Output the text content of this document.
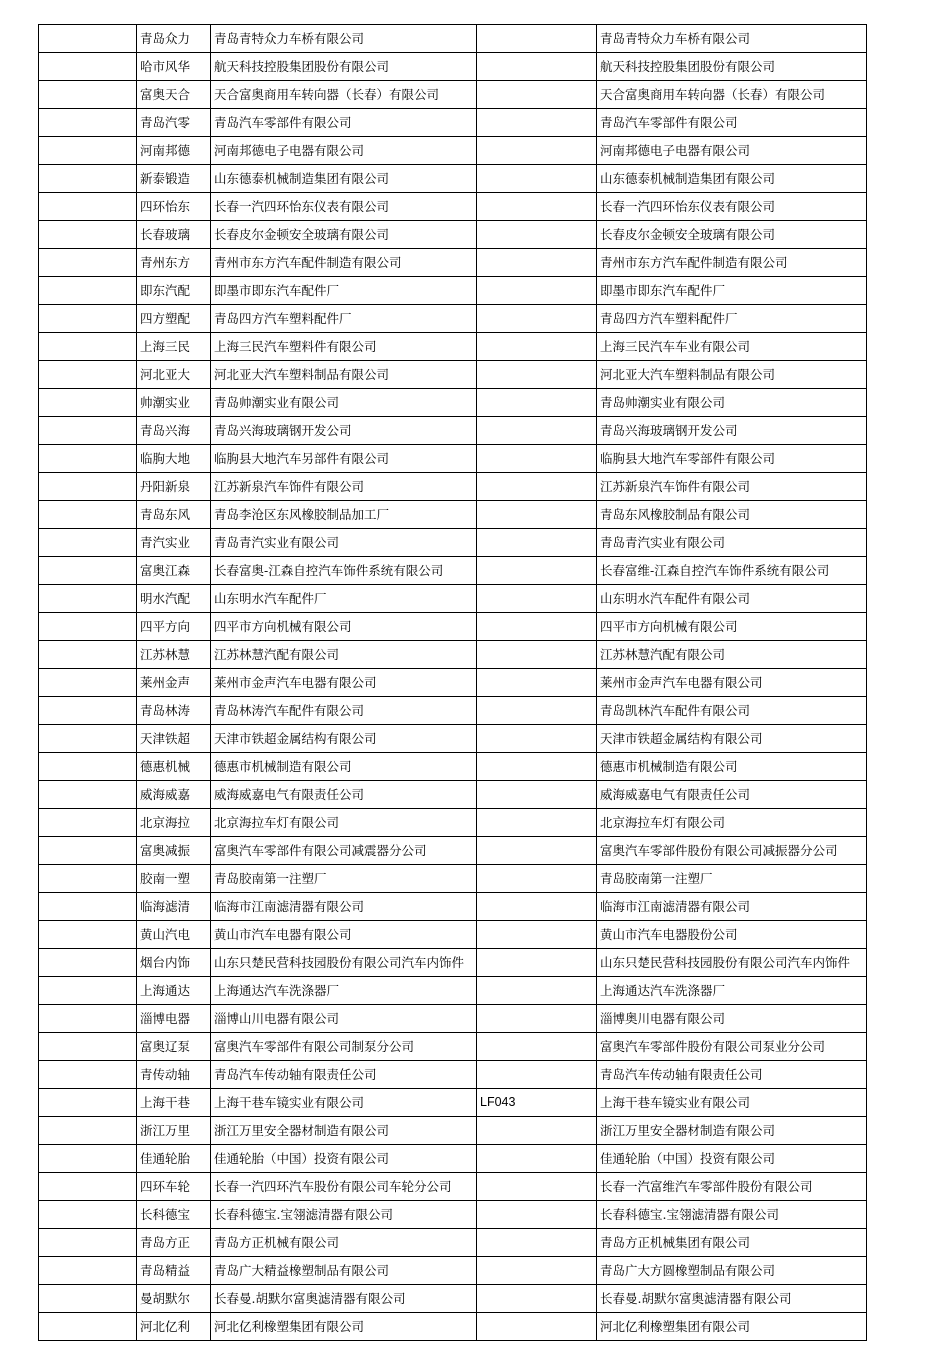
	青岛众力	青岛青特众力车桥有限公司		青岛青特众力车桥有限公司
	哈市风华	航天科技控股集团股份有限公司		航天科技控股集团股份有限公司
	富奥天合	天合富奥商用车转向器（长春）有限公司		天合富奥商用车转向器（长春）有限公司
	青岛汽零	青岛汽车零部件有限公司		青岛汽车零部件有限公司
	河南邦德	河南邦德电子电器有限公司		河南邦德电子电器有限公司
	新泰锻造	山东德泰机械制造集团有限公司		山东德泰机械制造集团有限公司
	四环怡东	长春一汽四环怡东仪表有限公司		长春一汽四环怡东仪表有限公司
	长春玻璃	长春皮尔金顿安全玻璃有限公司		长春皮尔金顿安全玻璃有限公司
	青州东方	青州市东方汽车配件制造有限公司		青州市东方汽车配件制造有限公司
	即东汽配	即墨市即东汽车配件厂		即墨市即东汽车配件厂
	四方塑配	青岛四方汽车塑料配件厂		青岛四方汽车塑料配件厂
	上海三民	上海三民汽车塑料件有限公司		上海三民汽车车业有限公司
	河北亚大	河北亚大汽车塑料制品有限公司		河北亚大汽车塑料制品有限公司
	帅潮实业	青岛帅潮实业有限公司		青岛帅潮实业有限公司
	青岛兴海	青岛兴海玻璃钢开发公司		青岛兴海玻璃钢开发公司
	临朐大地	临朐县大地汽车另部件有限公司		临朐县大地汽车零部件有限公司
	丹阳新泉	江苏新泉汽车饰件有限公司		江苏新泉汽车饰件有限公司
	青岛东风	青岛李沧区东风橡胶制品加工厂		青岛东风橡胶制品有限公司
	青汽实业	青岛青汽实业有限公司		青岛青汽实业有限公司
	富奥江森	长春富奥-江森自控汽车饰件系统有限公司		长春富维-江森自控汽车饰件系统有限公司
	明水汽配	山东明水汽车配件厂		山东明水汽车配件有限公司
	四平方向	四平市方向机械有限公司		四平市方向机械有限公司
	江苏林慧	江苏林慧汽配有限公司		江苏林慧汽配有限公司
	莱州金声	莱州市金声汽车电器有限公司		莱州市金声汽车电器有限公司
	青岛林涛	青岛林涛汽车配件有限公司		青岛凯林汽车配件有限公司
	天津铁超	天津市铁超金属结构有限公司		天津市铁超金属结构有限公司
	德惠机械	德惠市机械制造有限公司		德惠市机械制造有限公司
	威海威嘉	威海威嘉电气有限责任公司		威海威嘉电气有限责任公司
	北京海拉	北京海拉车灯有限公司		北京海拉车灯有限公司
	富奥减振	富奥汽车零部件有限公司减震器分公司		富奥汽车零部件股份有限公司减振器分公司
	胶南一塑	青岛胶南第一注塑厂		青岛胶南第一注塑厂
	临海滤清	临海市江南滤清器有限公司		临海市江南滤清器有限公司
	黄山汽电	黄山市汽车电器有限公司		黄山市汽车电器股份公司
	烟台内饰	山东只楚民营科技园股份有限公司汽车内饰件		山东只楚民营科技园股份有限公司汽车内饰件
	上海通达	上海通达汽车洗涤器厂		上海通达汽车洗涤器厂
	淄博电器	淄博山川电器有限公司		淄博奥川电器有限公司
	富奥辽泵	富奥汽车零部件有限公司制泵分公司		富奥汽车零部件股份有限公司泵业分公司
	青传动轴	青岛汽车传动轴有限责任公司		青岛汽车传动轴有限责任公司
	上海干巷	上海干巷车镜实业有限公司	LF043	上海干巷车镜实业有限公司
	浙江万里	浙江万里安全器材制造有限公司		浙江万里安全器材制造有限公司
	佳通轮胎	佳通轮胎（中国）投资有限公司		佳通轮胎（中国）投资有限公司
	四环车轮	长春一汽四环汽车股份有限公司车轮分公司		长春一汽富维汽车零部件股份有限公司
	长科德宝	长春科德宝.宝翎滤清器有限公司		长春科德宝.宝翎滤清器有限公司
	青岛方正	青岛方正机械有限公司		青岛方正机械集团有限公司
	青岛精益	青岛广大精益橡塑制品有限公司		青岛广大方圆橡塑制品有限公司
	曼胡默尔	长春曼.胡默尔富奥滤清器有限公司		长春曼.胡默尔富奥滤清器有限公司
	河北亿利	河北亿利橡塑集团有限公司		河北亿利橡塑集团有限公司
